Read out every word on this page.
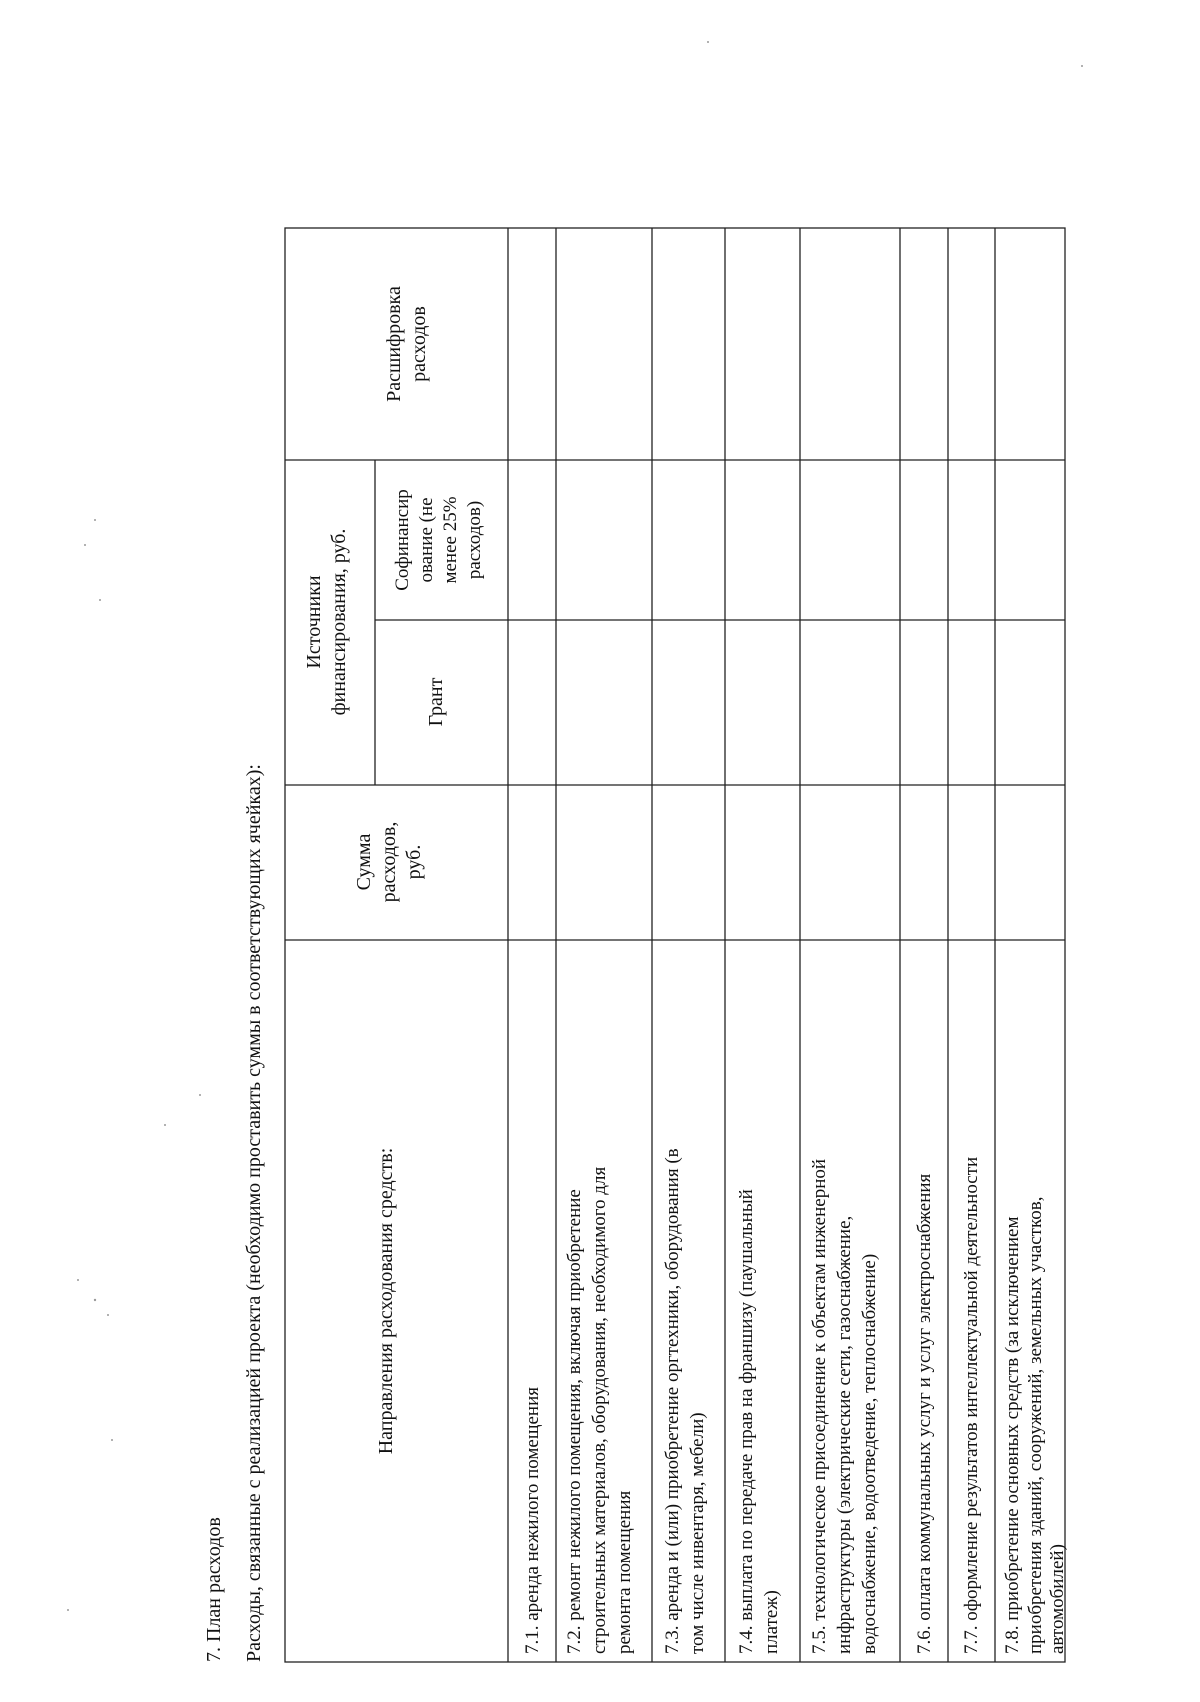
7. План расходов Расходы, связанные с реализацией проекта (необходимо проставить суммы в соответствующих ячейках):	Направления расходования средств:
Сумма расходов, руб.
Источники финансирования, руб.	Грант
Софинансир ование (не менее 25% расходов)
Расшифровка расходов
7.1. аренда нежилого помещения 7.2. ремонт нежилого помещения, включая приобретение строительных материалов, оборудования, необходимого для ремонта помещения 7.3. аренда и (или) приобретение оргтехники, оборудования (в том числе инвентаря, мебели) 7.4. выплата по передаче прав на франшизу (паушальный платеж) 7.5. технологическое присоединение к объектам инженерной инфраструктуры (электрические сети, газоснабжение, водоснабжение, водоотведение, теплоснабжение) 7.6. оплата коммунальных услуг и услуг электроснабжения 7.7. оформление результатов интеллектуальной деятельности 7.8. приобретение основных средств (за исключением приобретения зданий, сооружений, земельных участков, автомобилей)
